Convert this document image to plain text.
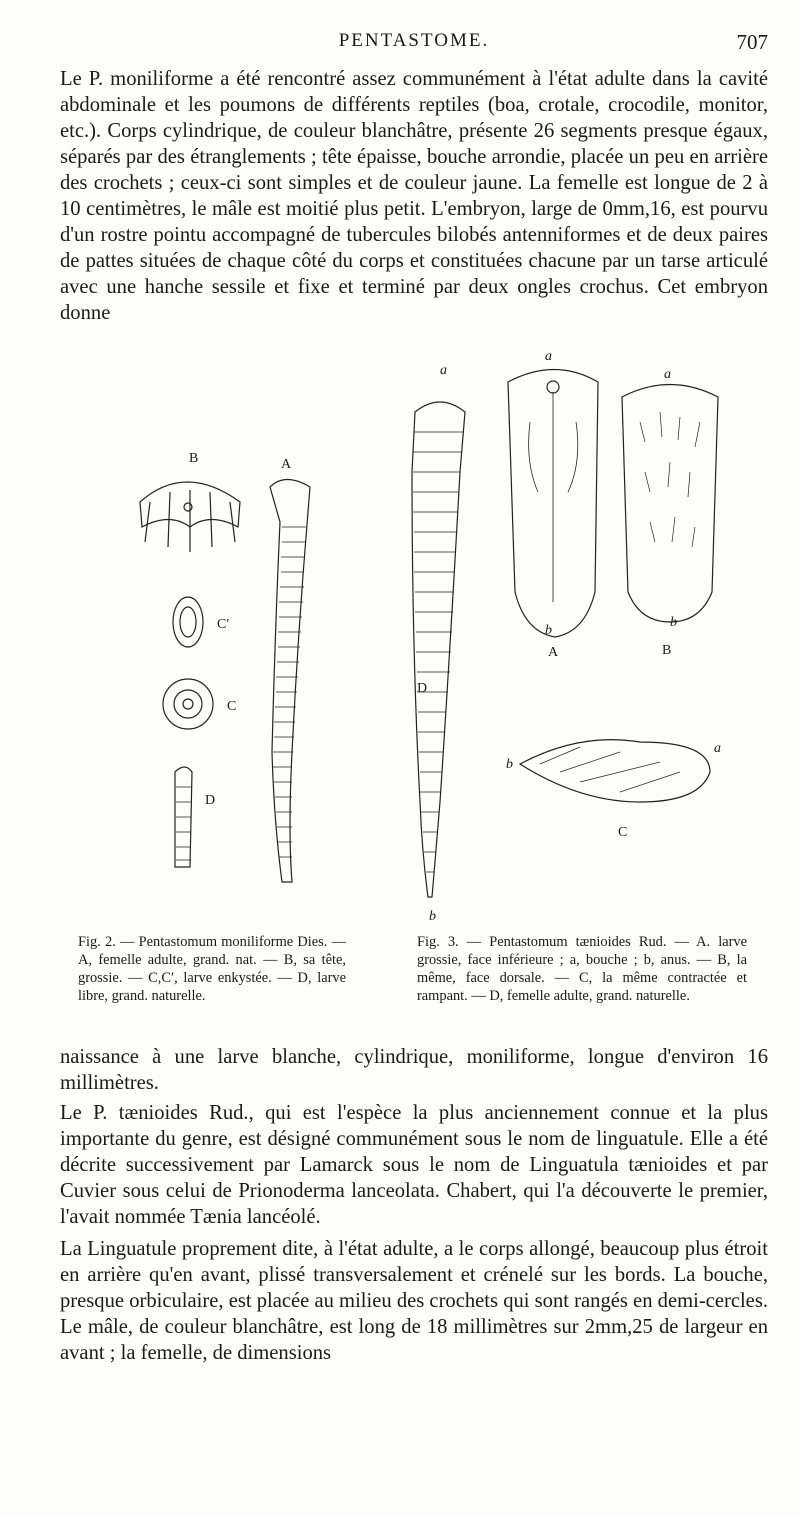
PENTASTOME.	707

Le P. moniliforme a été rencontré assez communément à l'état adulte dans la cavité abdominale et les poumons de différents reptiles (boa, crotale, crocodile, monitor, etc.). Corps cylindrique, de couleur blanchâtre, présente 26 segments presque égaux, séparés par des étranglements ; tête épaisse, bouche arrondie, placée un peu en arrière des crochets ; ceux-ci sont simples et de couleur jaune. La femelle est longue de 2 à 10 centimètres, le mâle est moitié plus petit. L'embryon, large de 0mm,16, est pourvu d'un rostre pointu accompagné de tubercules bilobés antenniformes et de deux paires de pattes situées de chaque côté du corps et constituées chacune par un tarse articulé avec une hanche sessile et fixe et terminé par deux ongles crochus. Cet embryon donne

B	A
C′
C
D
a
D
b
a
A
b
a
B
b
b
a
C

Fig. 2. — Pentastomum moniliforme Dies. — A, femelle adulte, grand. nat. — B, sa tête, grossie. — C,C′, larve enkystée. — D, larve libre, grand. naturelle.

Fig. 3. — Pentastomum tænioides Rud. — A. larve grossie, face inférieure ; a, bouche ; b, anus. — B, la même, face dorsale. — C, la même contractée et rampant. — D, femelle adulte, grand. naturelle.

naissance à une larve blanche, cylindrique, moniliforme, longue d'environ 16 millimètres.

Le P. tænioides Rud., qui est l'espèce la plus anciennement connue et la plus importante du genre, est désigné communément sous le nom de linguatule. Elle a été décrite successivement par Lamarck sous le nom de Linguatula tænioides et par Cuvier sous celui de Prionoderma lanceolata. Chabert, qui l'a découverte le premier, l'avait nommée Tænia lancéolé.

La Linguatule proprement dite, à l'état adulte, a le corps allongé, beaucoup plus étroit en arrière qu'en avant, plissé transversalement et crénelé sur les bords. La bouche, presque orbiculaire, est placée au milieu des crochets qui sont rangés en demi-cercles. Le mâle, de couleur blanchâtre, est long de 18 millimètres sur 2mm,25 de largeur en avant ; la femelle, de dimensions
